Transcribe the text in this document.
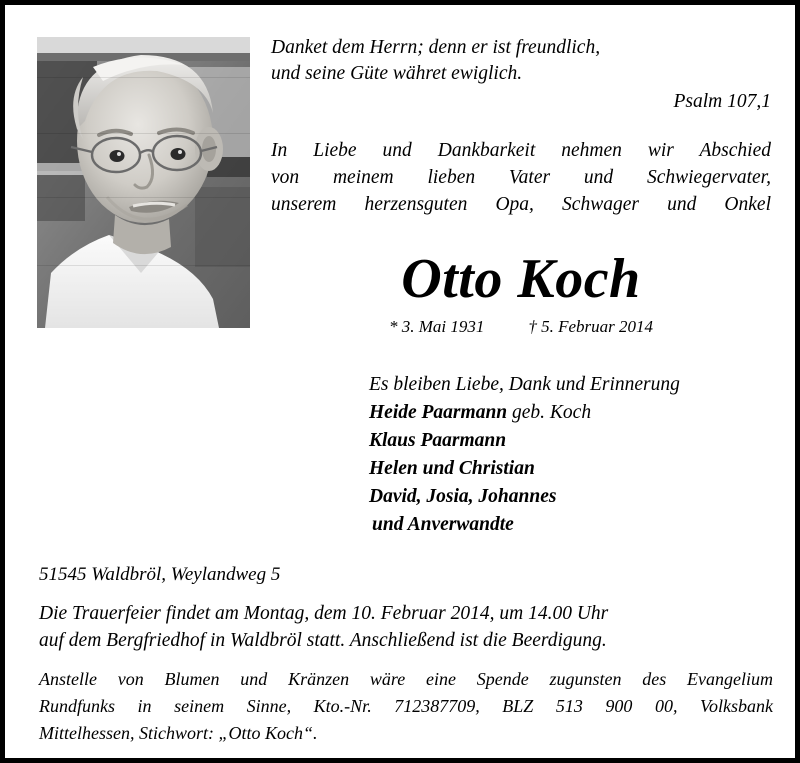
Danket dem Herrn; denn er ist freundlich,
und seine Güte währet ewiglich.
Psalm 107,1
In Liebe und Dankbarkeit nehmen wir Abschied
von meinem lieben Vater und Schwiegervater,
unserem herzensguten Opa, Schwager und Onkel
Otto Koch
* 3. Mai 1931	† 5. Februar 2014
Es bleiben Liebe, Dank und Erinnerung
Heide Paarmann geb. Koch
Klaus Paarmann
Helen und Christian
David, Josia, Johannes
und Anverwandte
51545 Waldbröl, Weylandweg 5
Die Trauerfeier findet am Montag, dem 10. Februar 2014, um 14.00 Uhr
auf dem Bergfriedhof in Waldbröl statt. Anschließend ist die Beerdigung.
Anstelle von Blumen und Kränzen wäre eine Spende zugunsten des Evangelium
Rundfunks in seinem Sinne, Kto.-Nr. 712387709, BLZ 513 900 00, Volksbank
Mittelhessen, Stichwort: „Otto Koch“.
